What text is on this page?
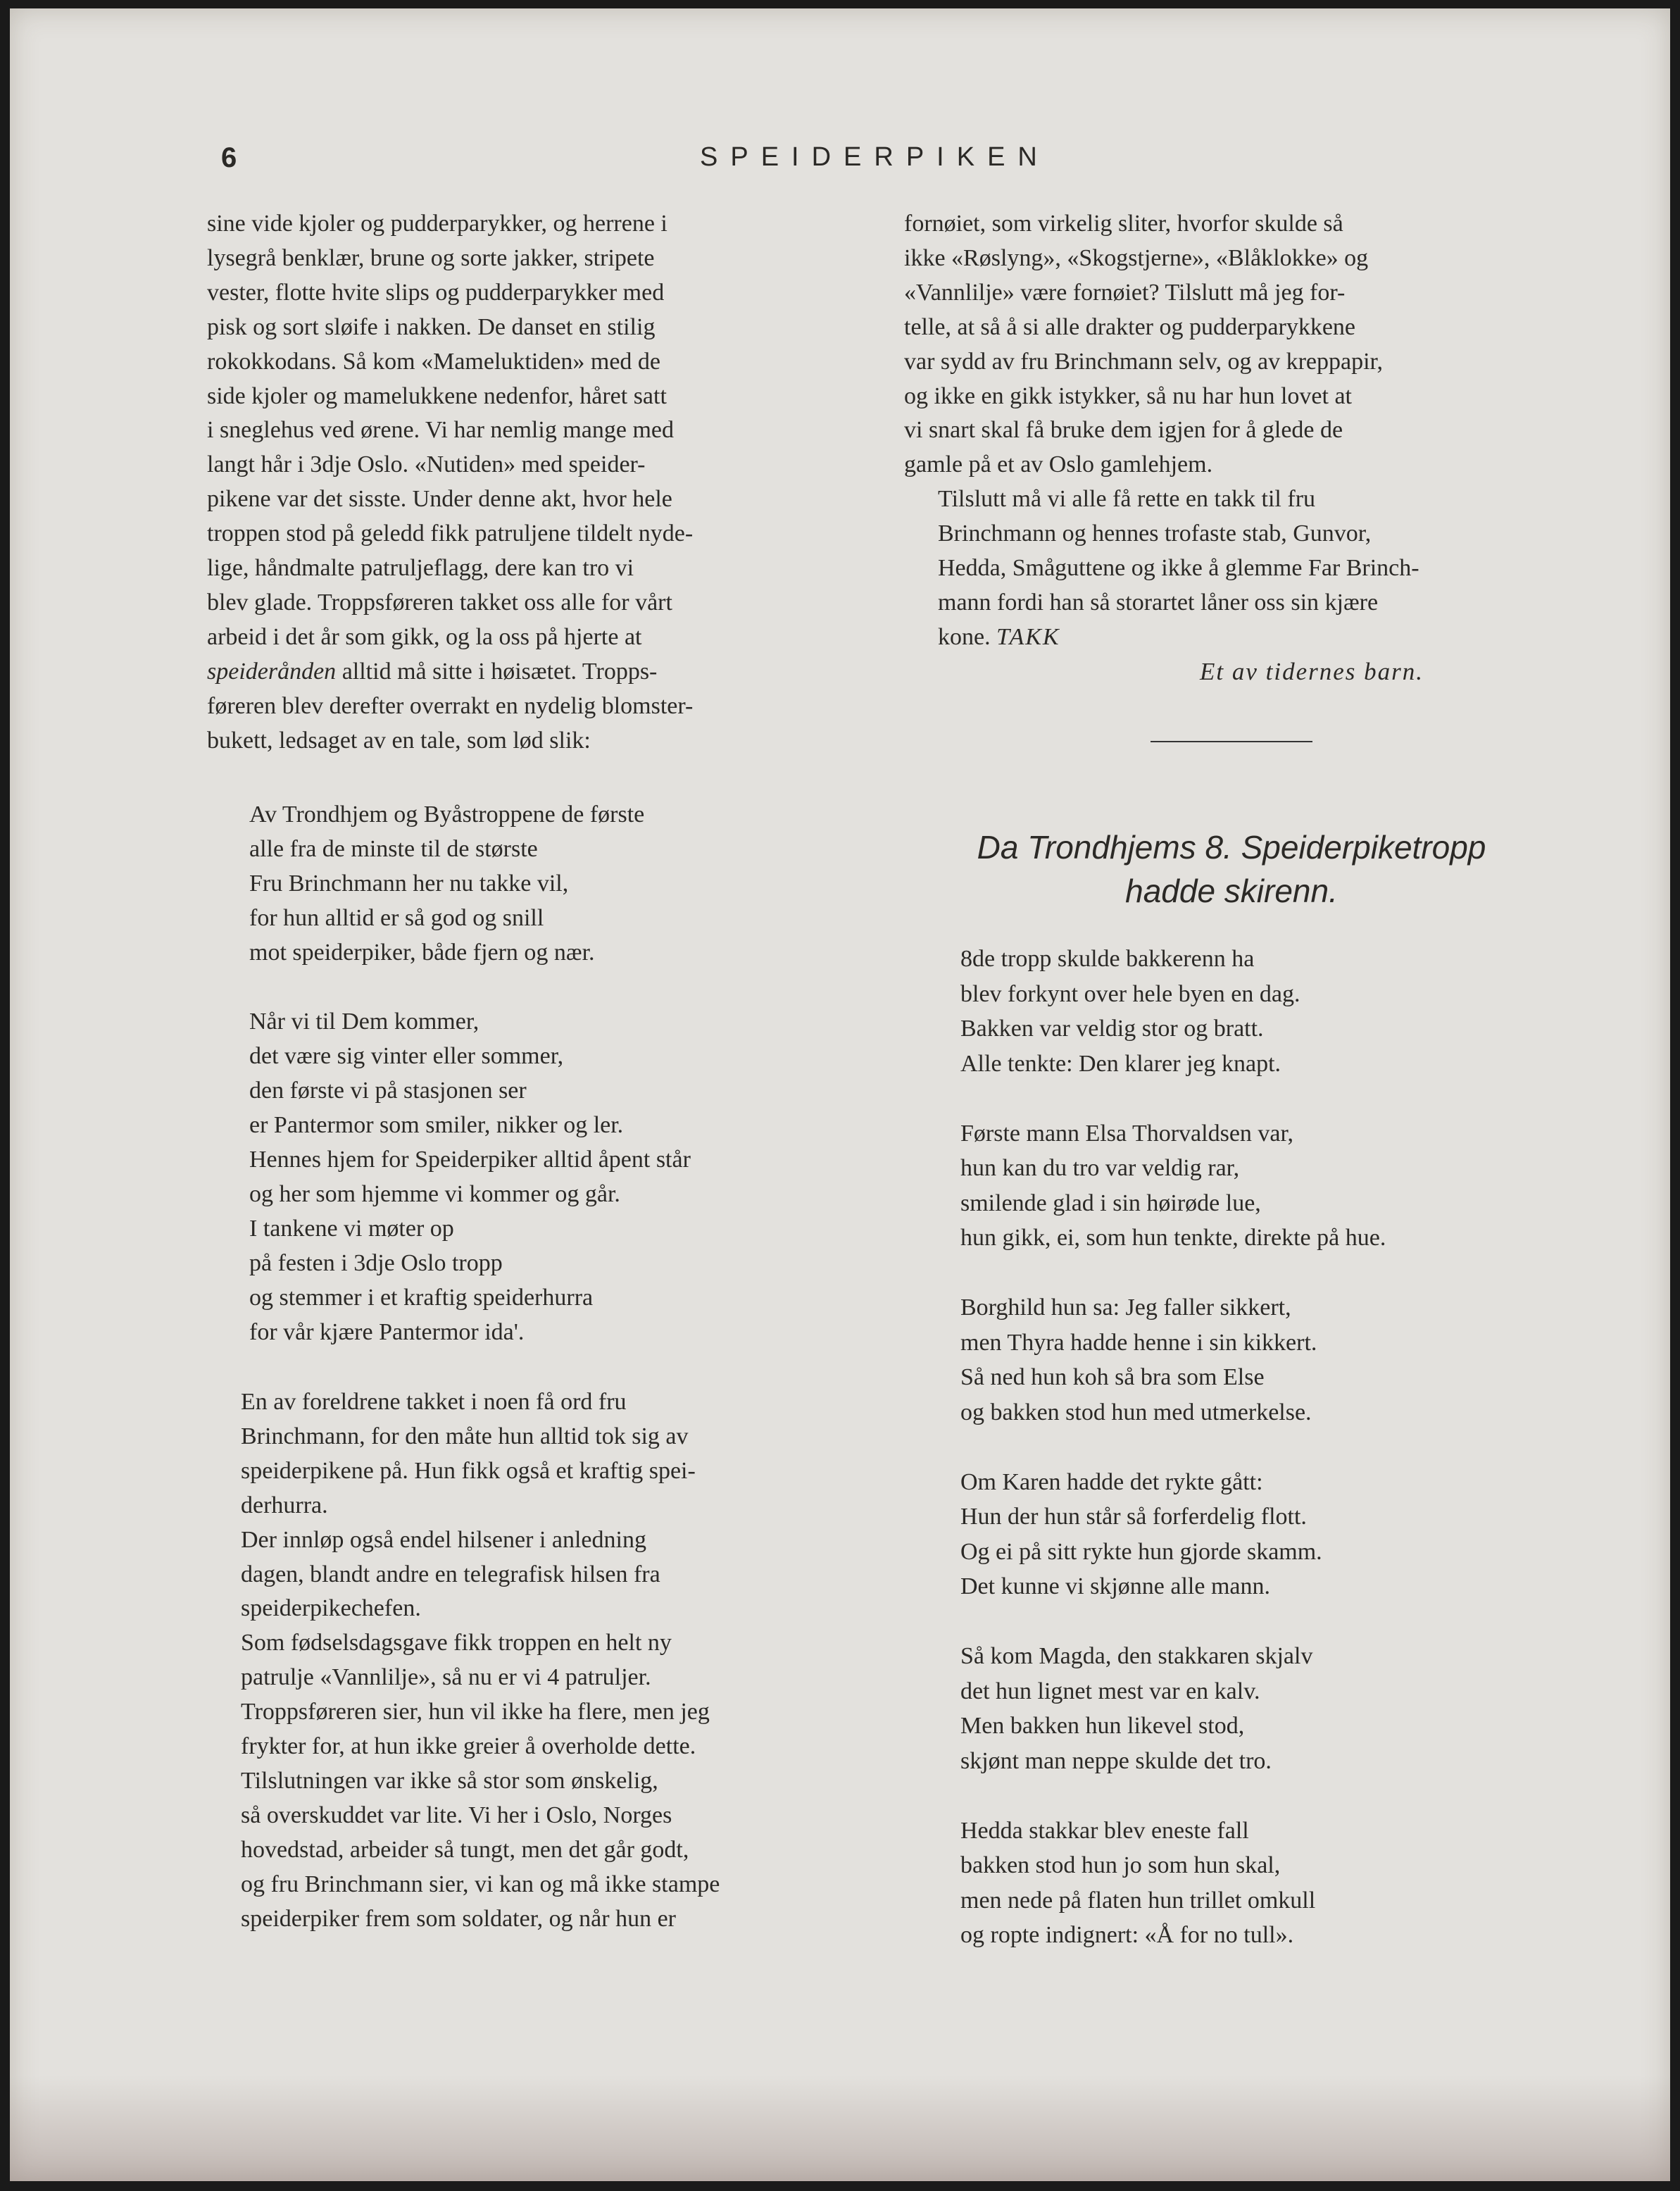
6	SPEIDERPIKEN

sine vide kjoler og pudderparykker, og herrene i
lysegrå benklær, brune og sorte jakker, stripete
vester, flotte hvite slips og pudderparykker med
pisk og sort sløife i nakken. De danset en stilig
rokokkodans. Så kom «Mameluktiden» med de
side kjoler og mamelukkene nedenfor, håret satt
i sneglehus ved ørene. Vi har nemlig mange med
langt hår i 3dje Oslo. «Nutiden» med speider-
pikene var det sisste. Under denne akt, hvor hele
troppen stod på geledd fikk patruljene tildelt nyde-
lige, håndmalte patruljeflagg, dere kan tro vi
blev glade. Troppsføreren takket oss alle for vårt
arbeid i det år som gikk, og la oss på hjerte at
speiderånden alltid må sitte i høisætet. Tropps-
føreren blev derefter overrakt en nydelig blomster-
bukett, ledsaget av en tale, som lød slik:

Av Trondhjem og Byåstroppene de første
alle fra de minste til de største
Fru Brinchmann her nu takke vil,
for hun alltid er så god og snill
mot speiderpiker, både fjern og nær.
Når vi til Dem kommer,
det være sig vinter eller sommer,
den første vi på stasjonen ser
er Pantermor som smiler, nikker og ler.
Hennes hjem for Speiderpiker alltid åpent står
og her som hjemme vi kommer og går.
I tankene vi møter op
på festen i 3dje Oslo tropp
og stemmer i et kraftig speiderhurra
for vår kjære Pantermor ida'.

En av foreldrene takket i noen få ord fru
Brinchmann, for den måte hun alltid tok sig av
speiderpikene på. Hun fikk også et kraftig spei-
derhurra.

Der innløp også endel hilsener i anledning
dagen, blandt andre en telegrafisk hilsen fra
speiderpikechefen.

Som fødselsdagsgave fikk troppen en helt ny
patrulje «Vannlilje», så nu er vi 4 patruljer.
Troppsføreren sier, hun vil ikke ha flere, men jeg
frykter for, at hun ikke greier å overholde dette.

Tilslutningen var ikke så stor som ønskelig,
så overskuddet var lite. Vi her i Oslo, Norges
hovedstad, arbeider så tungt, men det går godt,
og fru Brinchmann sier, vi kan og må ikke stampe
speiderpiker frem som soldater, og når hun er

fornøiet, som virkelig sliter, hvorfor skulde så
ikke «Røslyng», «Skogstjerne», «Blåklokke» og
«Vannlilje» være fornøiet? Tilslutt må jeg for-
telle, at så å si alle drakter og pudderparykkene
var sydd av fru Brinchmann selv, og av kreppapir,
og ikke en gikk istykker, så nu har hun lovet at
vi snart skal få bruke dem igjen for å glede de
gamle på et av Oslo gamlehjem.

Tilslutt må vi alle få rette en takk til fru
Brinchmann og hennes trofaste stab, Gunvor,
Hedda, Småguttene og ikke å glemme Far Brinch-
mann fordi han så storartet låner oss sin kjære
kone. TAKK

Et av tidernes barn.
Da Trondhjems 8. Speiderpiketropp
hadde skirenn.
8de tropp skulde bakkerenn ha
blev forkynt over hele byen en dag.
Bakken var veldig stor og bratt.
Alle tenkte: Den klarer jeg knapt.
Første mann Elsa Thorvaldsen var,
hun kan du tro var veldig rar,
smilende glad i sin høirøde lue,
hun gikk, ei, som hun tenkte, direkte på hue.
Borghild hun sa: Jeg faller sikkert,
men Thyra hadde henne i sin kikkert.
Så ned hun koh så bra som Else
og bakken stod hun med utmerkelse.
Om Karen hadde det rykte gått:
Hun der hun står så forferdelig flott.
Og ei på sitt rykte hun gjorde skamm.
Det kunne vi skjønne alle mann.
Så kom Magda, den stakkaren skjalv
det hun lignet mest var en kalv.
Men bakken hun likevel stod,
skjønt man neppe skulde det tro.
Hedda stakkar blev eneste fall
bakken stod hun jo som hun skal,
men nede på flaten hun trillet omkull
og ropte indignert: «Å for no tull».
